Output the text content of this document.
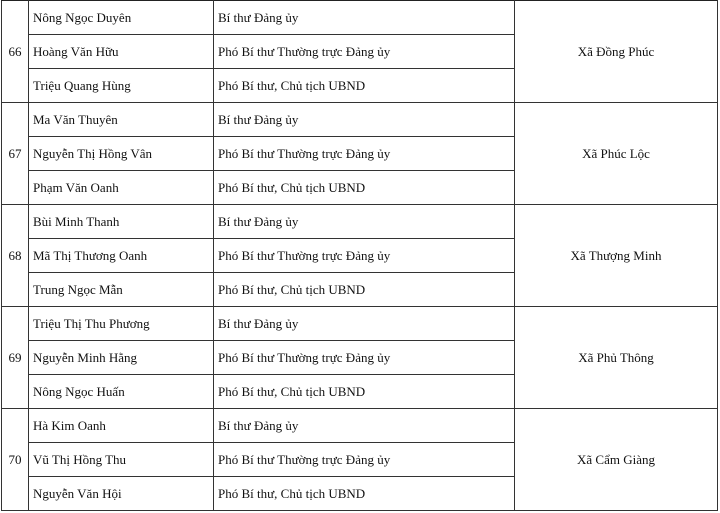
66	Nông Ngọc Duyên	Bí thư Đảng ủy	Xã Đồng Phúc
	Hoàng Văn Hữu	Phó Bí thư Thường trực Đảng ủy	
	Triệu Quang Hùng	Phó Bí thư, Chủ tịch UBND	
67	Ma Văn Thuyên	Bí thư Đảng ủy	Xã Phúc Lộc
	Nguyễn Thị Hồng Vân	Phó Bí thư Thường trực Đảng ủy	
	Phạm Văn Oanh	Phó Bí thư, Chủ tịch UBND	
68	Bùi Minh Thanh	Bí thư Đảng ủy	Xã Thượng Minh
	Mã Thị Thương Oanh	Phó Bí thư Thường trực Đảng ủy	
	Trung Ngọc Mẫn	Phó Bí thư, Chủ tịch UBND	
69	Triệu Thị Thu Phương	Bí thư Đảng ủy	Xã Phủ Thông
	Nguyễn Minh Hằng	Phó Bí thư Thường trực Đảng ủy	
	Nông Ngọc Huấn	Phó Bí thư, Chủ tịch UBND	
70	Hà Kim Oanh	Bí thư Đảng ủy	Xã Cẩm Giàng
	Vũ Thị Hồng Thu	Phó Bí thư Thường trực Đảng ủy	
	Nguyễn Văn Hội	Phó Bí thư, Chủ tịch UBND	
